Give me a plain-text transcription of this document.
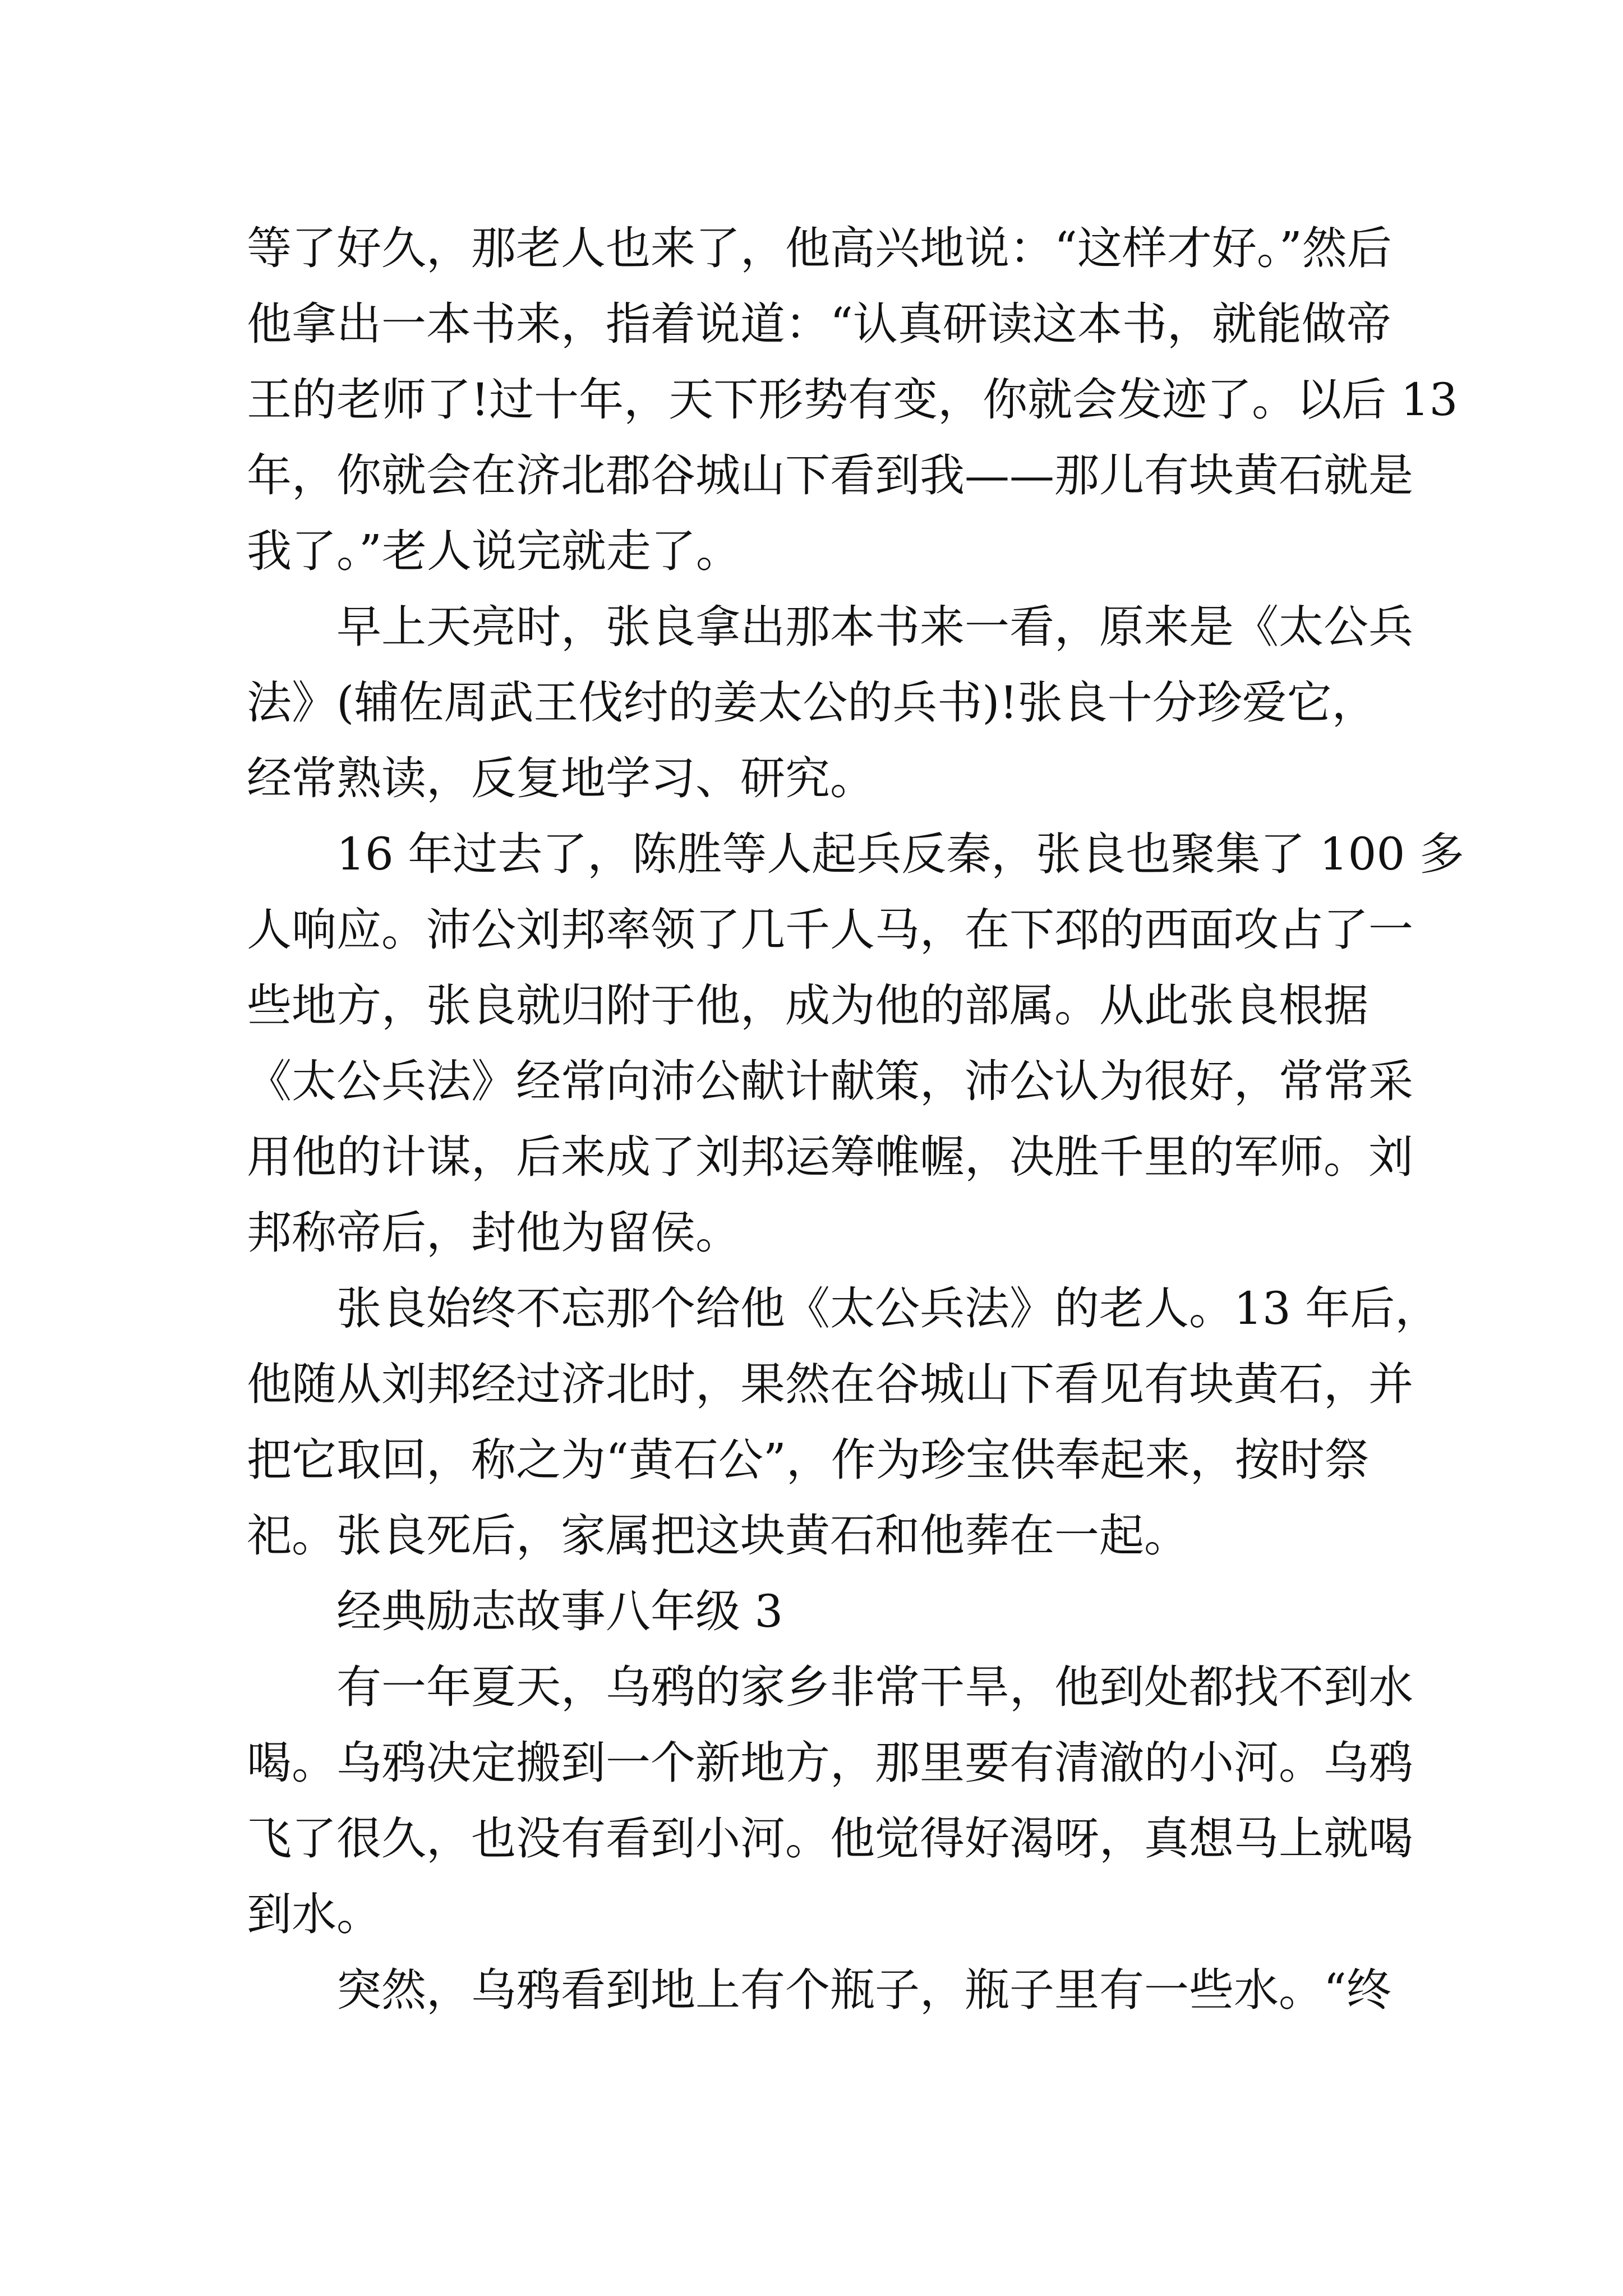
等了好久，那老人也来了，他高兴地说：“这样才好。”然后

他拿出一本书来，指着说道：“认真研读这本书，就能做帝

王的老师了!过十年，天下形势有变，你就会发迹了。以后 13

年，你就会在济北郡谷城山下看到我——那儿有块黄石就是

我了。”老人说完就走了。

早上天亮时，张良拿出那本书来一看，原来是《太公兵

法》(辅佐周武王伐纣的姜太公的兵书)!张良十分珍爱它，

经常熟读，反复地学习、研究。

16 年过去了，陈胜等人起兵反秦，张良也聚集了 100 多

人响应。沛公刘邦率领了几千人马，在下邳的西面攻占了一

些地方，张良就归附于他，成为他的部属。从此张良根据

《太公兵法》经常向沛公献计献策，沛公认为很好，常常采

用他的计谋，后来成了刘邦运筹帷幄，决胜千里的军师。刘

邦称帝后，封他为留侯。

张良始终不忘那个给他《太公兵法》的老人。13 年后，

他随从刘邦经过济北时，果然在谷城山下看见有块黄石，并

把它取回，称之为“黄石公”，作为珍宝供奉起来，按时祭

祀。张良死后，家属把这块黄石和他葬在一起。

经典励志故事八年级 3

有一年夏天，乌鸦的家乡非常干旱，他到处都找不到水

喝。乌鸦决定搬到一个新地方，那里要有清澈的小河。乌鸦

飞了很久，也没有看到小河。他觉得好渴呀，真想马上就喝

到水。

突然，乌鸦看到地上有个瓶子，瓶子里有一些水。“终
